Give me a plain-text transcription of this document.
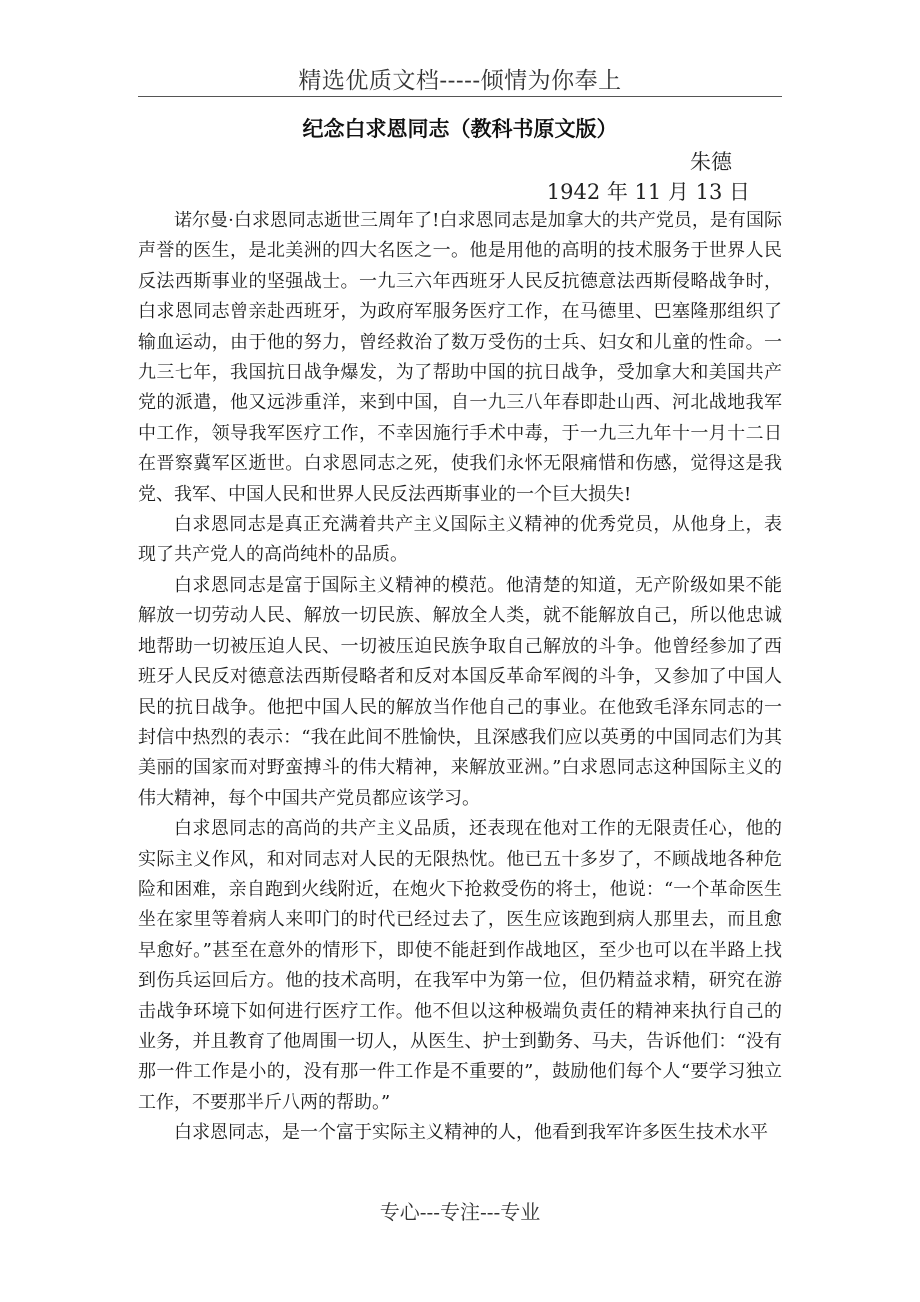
精选优质文档-----倾情为你奉上
纪念白求恩同志（教科书原文版）
朱德
1942 年 11 月 13 日

诺尔曼·白求恩同志逝世三周年了!白求恩同志是加拿大的共产党员，是有国际声誉的医生，是北美洲的四大名医之一。他是用他的高明的技术服务于世界人民反法西斯事业的坚强战士。一九三六年西班牙人民反抗德意法西斯侵略战争时，白求恩同志曾亲赴西班牙，为政府军服务医疗工作，在马德里、巴塞隆那组织了输血运动，由于他的努力，曾经救治了数万受伤的士兵、妇女和儿童的性命。一九三七年，我国抗日战争爆发，为了帮助中国的抗日战争，受加拿大和美国共产党的派遣，他又远涉重洋，来到中国，自一九三八年春即赴山西、河北战地我军中工作，领导我军医疗工作，不幸因施行手术中毒，于一九三九年十一月十二日在晋察冀军区逝世。白求恩同志之死，使我们永怀无限痛惜和伤感，觉得这是我党、我军、中国人民和世界人民反法西斯事业的一个巨大损失!

白求恩同志是真正充满着共产主义国际主义精神的优秀党员，从他身上，表现了共产党人的高尚纯朴的品质。

白求恩同志是富于国际主义精神的模范。他清楚的知道，无产阶级如果不能解放一切劳动人民、解放一切民族、解放全人类，就不能解放自己，所以他忠诚地帮助一切被压迫人民、一切被压迫民族争取自己解放的斗争。他曾经参加了西班牙人民反对德意法西斯侵略者和反对本国反革命军阀的斗争，又参加了中国人民的抗日战争。他把中国人民的解放当作他自己的事业。在他致毛泽东同志的一封信中热烈的表示：“我在此间不胜愉快，且深感我们应以英勇的中国同志们为其美丽的国家而对野蛮搏斗的伟大精神，来解放亚洲。”白求恩同志这种国际主义的伟大精神，每个中国共产党员都应该学习。

白求恩同志的高尚的共产主义品质，还表现在他对工作的无限责任心，他的实际主义作风，和对同志对人民的无限热忱。他已五十多岁了，不顾战地各种危险和困难，亲自跑到火线附近，在炮火下抢救受伤的将士，他说：“一个革命医生坐在家里等着病人来叩门的时代已经过去了，医生应该跑到病人那里去，而且愈早愈好。”甚至在意外的情形下，即使不能赶到作战地区，至少也可以在半路上找到伤兵运回后方。他的技术高明，在我军中为第一位，但仍精益求精，研究在游击战争环境下如何进行医疗工作。他不但以这种极端负责任的精神来执行自己的业务，并且教育了他周围一切人，从医生、护士到勤务、马夫，告诉他们：“没有那一件工作是小的，没有那一件工作是不重要的”，鼓励他们每个人“要学习独立工作，不要那半斤八两的帮助。”

白求恩同志，是一个富于实际主义精神的人，他看到我军许多医生技术水平

专心---专注---专业
